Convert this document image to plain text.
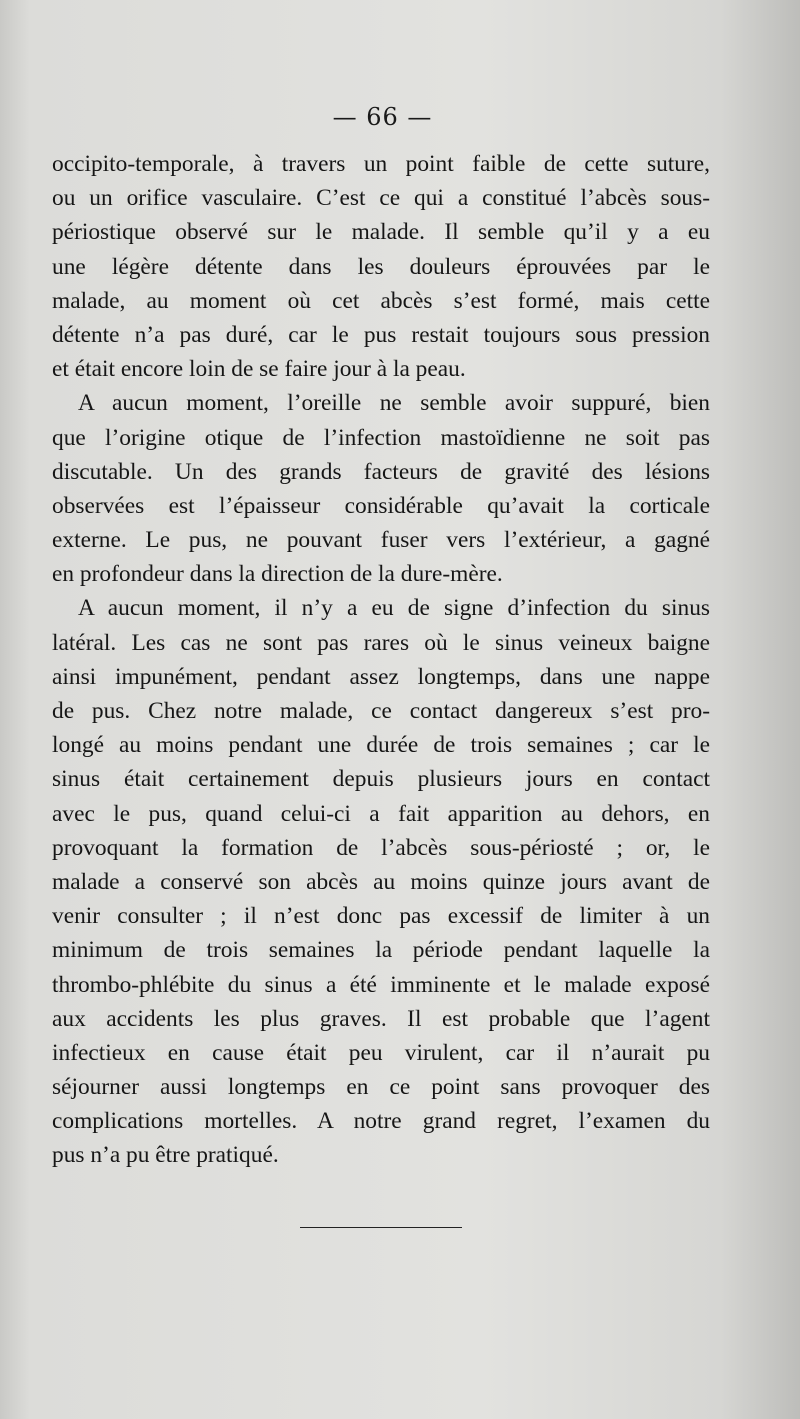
— 66 —
occipito-temporale, à travers un point faible de cette suture,
ou un orifice vasculaire. C’est ce qui a constitué l’abcès sous-
périostique observé sur le malade. Il semble qu’il y a eu
une légère détente dans les douleurs éprouvées par le
malade, au moment où cet abcès s’est formé, mais cette
détente n’a pas duré, car le pus restait toujours sous pression
et était encore loin de se faire jour à la peau.
A aucun moment, l’oreille ne semble avoir suppuré, bien
que l’origine otique de l’infection mastoïdienne ne soit pas
discutable. Un des grands facteurs de gravité des lésions
observées est l’épaisseur considérable qu’avait la corticale
externe. Le pus, ne pouvant fuser vers l’extérieur, a gagné
en profondeur dans la direction de la dure-mère.
A aucun moment, il n’y a eu de signe d’infection du sinus
latéral. Les cas ne sont pas rares où le sinus veineux baigne
ainsi impunément, pendant assez longtemps, dans une nappe
de pus. Chez notre malade, ce contact dangereux s’est pro-
longé au moins pendant une durée de trois semaines ; car le
sinus était certainement depuis plusieurs jours en contact
avec le pus, quand celui-ci a fait apparition au dehors, en
provoquant la formation de l’abcès sous-périosté ; or, le
malade a conservé son abcès au moins quinze jours avant de
venir consulter ; il n’est donc pas excessif de limiter à un
minimum de trois semaines la période pendant laquelle la
thrombo-phlébite du sinus a été imminente et le malade exposé
aux accidents les plus graves. Il est probable que l’agent
infectieux en cause était peu virulent, car il n’aurait pu
séjourner aussi longtemps en ce point sans provoquer des
complications mortelles. A notre grand regret, l’examen du
pus n’a pu être pratiqué.
